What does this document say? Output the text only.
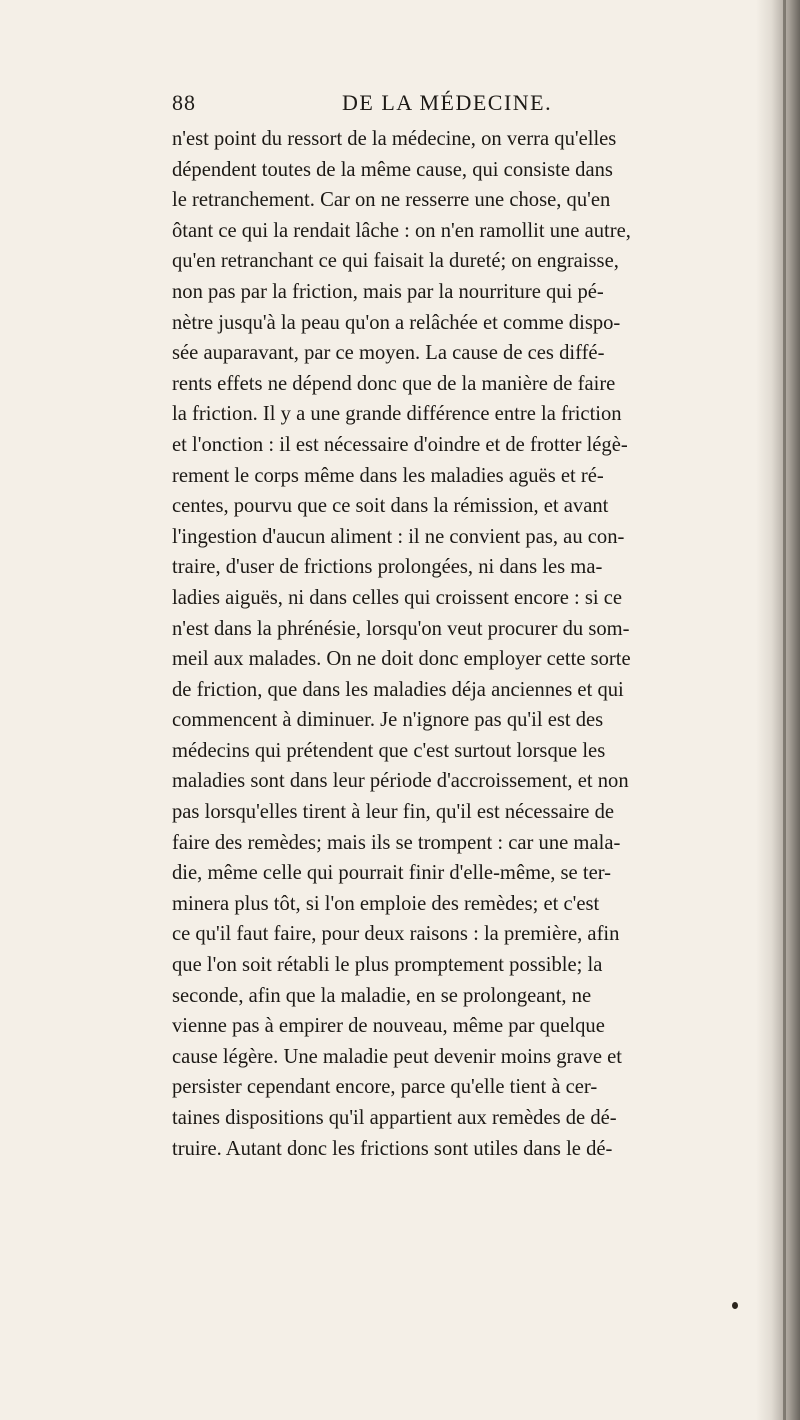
88	DE LA MÉDECINE.
n'est point du ressort de la médecine, on verra qu'elles
dépendent toutes de la même cause, qui consiste dans
le retranchement. Car on ne resserre une chose, qu'en
ôtant ce qui la rendait lâche : on n'en ramollit une autre,
qu'en retranchant ce qui faisait la dureté; on engraisse,
non pas par la friction, mais par la nourriture qui pé-
nètre jusqu'à la peau qu'on a relâchée et comme dispo-
sée auparavant, par ce moyen. La cause de ces diffé-
rents effets ne dépend donc que de la manière de faire
la friction. Il y a une grande différence entre la friction
et l'onction : il est nécessaire d'oindre et de frotter légè-
rement le corps même dans les maladies aguës et ré-
centes, pourvu que ce soit dans la rémission, et avant
l'ingestion d'aucun aliment : il ne convient pas, au con-
traire, d'user de frictions prolongées, ni dans les ma-
ladies aiguës, ni dans celles qui croissent encore : si ce
n'est dans la phrénésie, lorsqu'on veut procurer du som-
meil aux malades. On ne doit donc employer cette sorte
de friction, que dans les maladies déja anciennes et qui
commencent à diminuer. Je n'ignore pas qu'il est des
médecins qui prétendent que c'est surtout lorsque les
maladies sont dans leur période d'accroissement, et non
pas lorsqu'elles tirent à leur fin, qu'il est nécessaire de
faire des remèdes; mais ils se trompent : car une mala-
die, même celle qui pourrait finir d'elle-même, se ter-
minera plus tôt, si l'on emploie des remèdes; et c'est
ce qu'il faut faire, pour deux raisons : la première, afin
que l'on soit rétabli le plus promptement possible; la
seconde, afin que la maladie, en se prolongeant, ne
vienne pas à empirer de nouveau, même par quelque
cause légère. Une maladie peut devenir moins grave et
persister cependant encore, parce qu'elle tient à cer-
taines dispositions qu'il appartient aux remèdes de dé-
truire. Autant donc les frictions sont utiles dans le dé-
